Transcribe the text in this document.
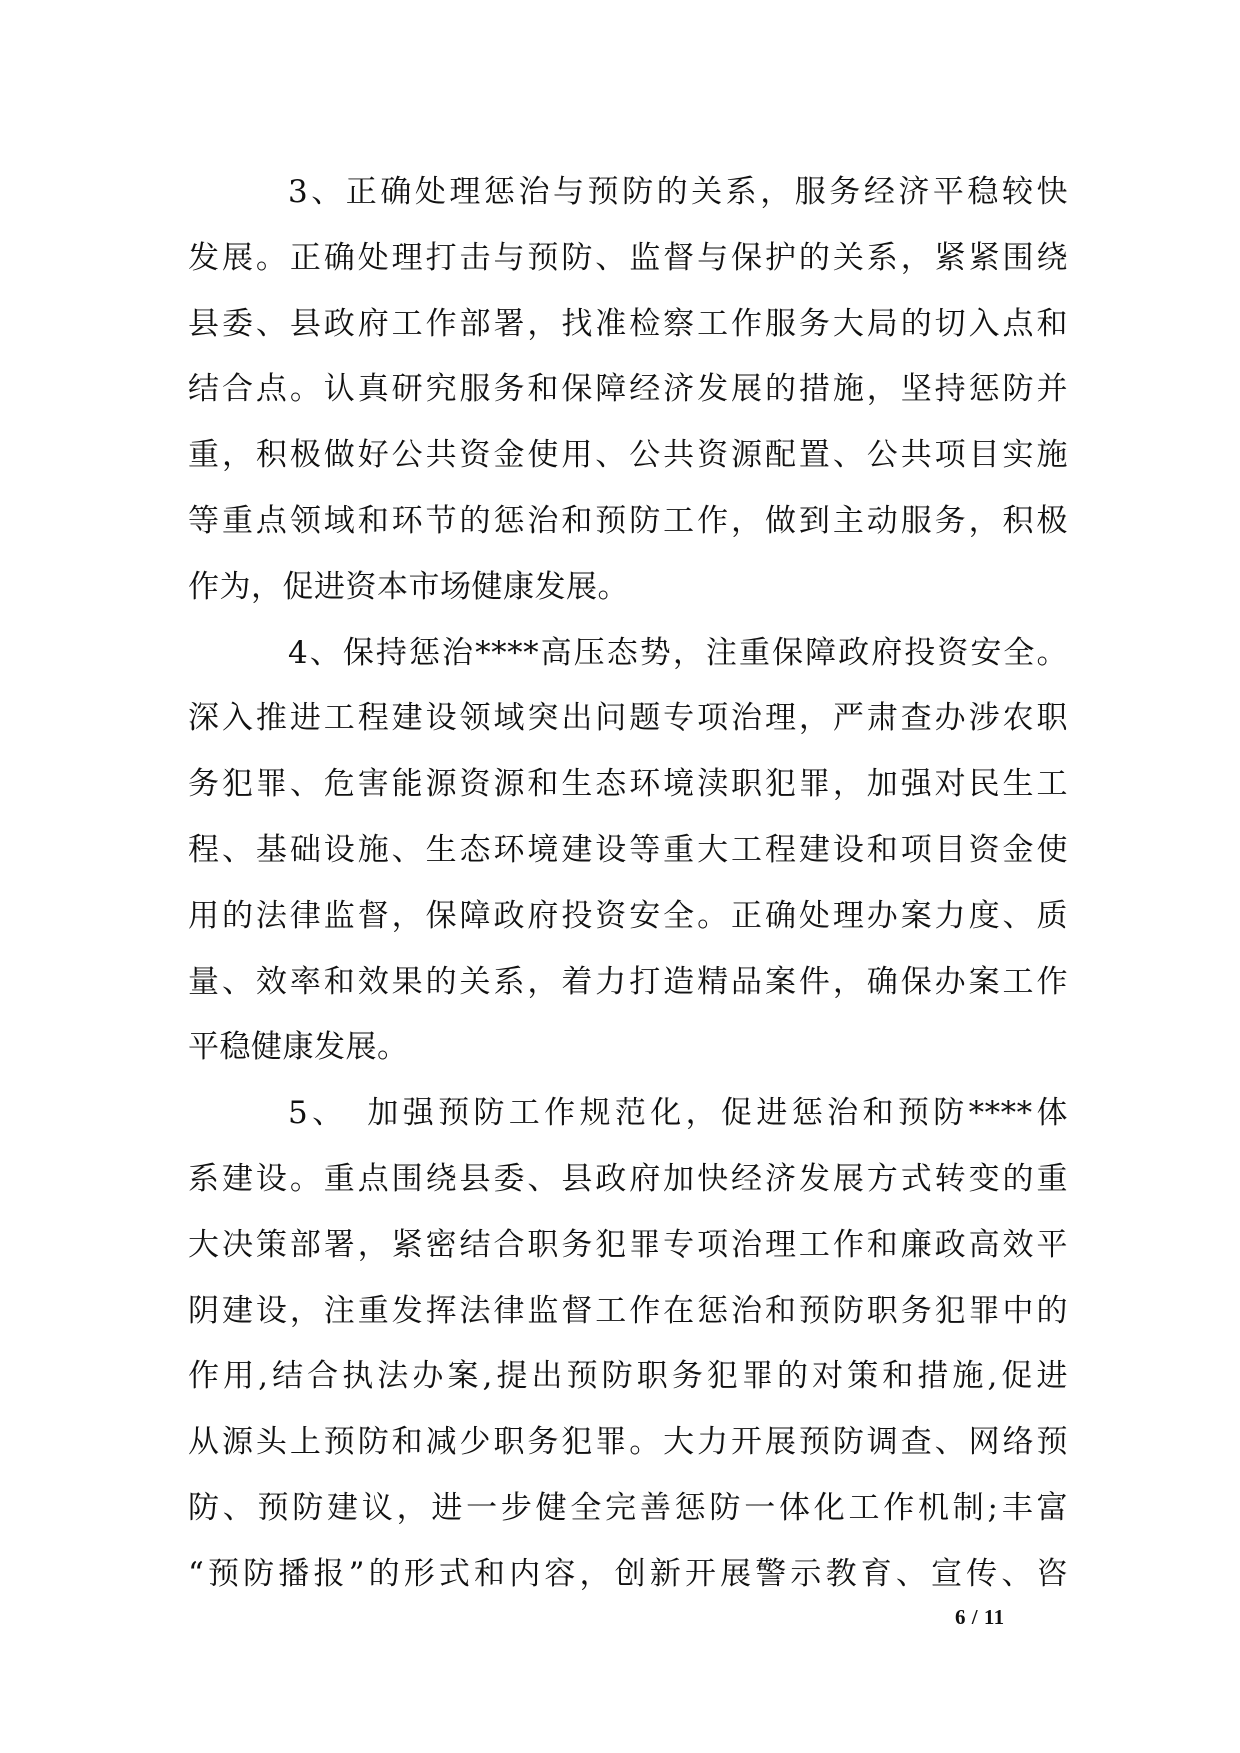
3、正确处理惩治与预防的关系，服务经济平稳较快
发展。正确处理打击与预防、监督与保护的关系，紧紧围绕
县委、县政府工作部署，找准检察工作服务大局的切入点和
结合点。认真研究服务和保障经济发展的措施，坚持惩防并
重，积极做好公共资金使用、公共资源配置、公共项目实施
等重点领域和环节的惩治和预防工作，做到主动服务，积极
作为，促进资本市场健康发展。
4、保持惩治****高压态势，注重保障政府投资安全。
深入推进工程建设领域突出问题专项治理，严肃查办涉农职
务犯罪、危害能源资源和生态环境渎职犯罪，加强对民生工
程、基础设施、生态环境建设等重大工程建设和项目资金使
用的法律监督，保障政府投资安全。正确处理办案力度、质
量、效率和效果的关系，着力打造精品案件，确保办案工作
平稳健康发展。
5、　加强预防工作规范化，促进惩治和预防****体
系建设。重点围绕县委、县政府加快经济发展方式转变的重
大决策部署，紧密结合职务犯罪专项治理工作和廉政高效平
阴建设，注重发挥法律监督工作在惩治和预防职务犯罪中的
作用,结合执法办案,提出预防职务犯罪的对策和措施,促进
从源头上预防和减少职务犯罪。大力开展预防调查、网络预
防、预防建议，进一步健全完善惩防一体化工作机制;丰富
“预防播报”的形式和内容，创新开展警示教育、宣传、咨
6 / 11
